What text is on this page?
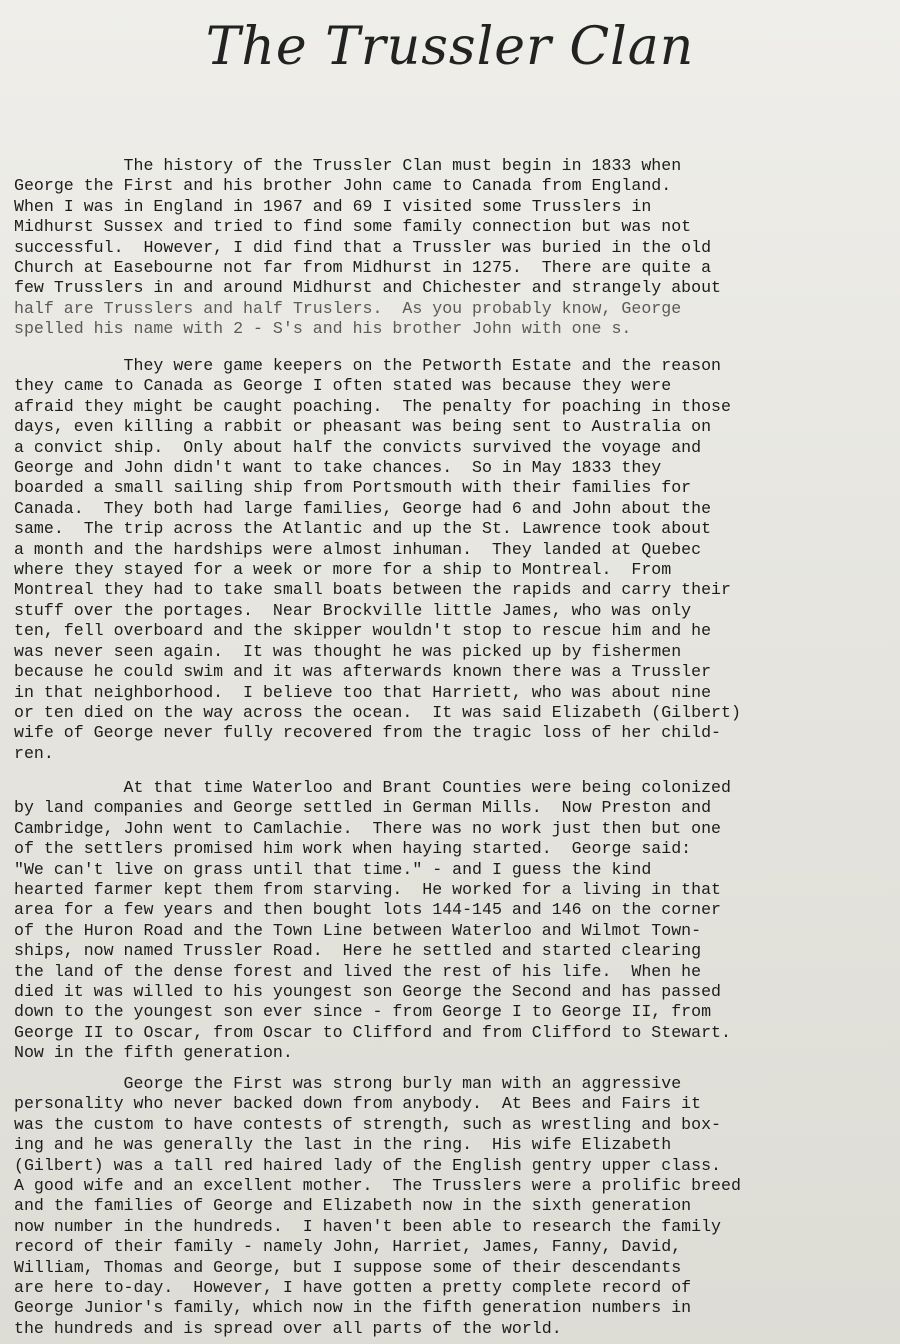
The Trussler Clan
The history of the Trussler Clan must begin in 1833 when
George the First and his brother John came to Canada from England.
When I was in England in 1967 and 69 I visited some Trusslers in
Midhurst Sussex and tried to find some family connection but was not
successful.  However, I did find that a Trussler was buried in the old
Church at Easebourne not far from Midhurst in 1275.  There are quite a
few Trusslers in and around Midhurst and Chichester and strangely about
half are Trusslers and half Truslers.  As you probably know, George
spelled his name with 2 - S's and his brother John with one s.
They were game keepers on the Petworth Estate and the reason
they came to Canada as George I often stated was because they were
afraid they might be caught poaching.  The penalty for poaching in those
days, even killing a rabbit or pheasant was being sent to Australia on
a convict ship.  Only about half the convicts survived the voyage and
George and John didn't want to take chances.  So in May 1833 they
boarded a small sailing ship from Portsmouth with their families for
Canada.  They both had large families, George had 6 and John about the
same.  The trip across the Atlantic and up the St. Lawrence took about
a month and the hardships were almost inhuman.  They landed at Quebec
where they stayed for a week or more for a ship to Montreal.  From
Montreal they had to take small boats between the rapids and carry their
stuff over the portages.  Near Brockville little James, who was only
ten, fell overboard and the skipper wouldn't stop to rescue him and he
was never seen again.  It was thought he was picked up by fishermen
because he could swim and it was afterwards known there was a Trussler
in that neighborhood.  I believe too that Harriett, who was about nine
or ten died on the way across the ocean.  It was said Elizabeth (Gilbert)
wife of George never fully recovered from the tragic loss of her child-
ren.
At that time Waterloo and Brant Counties were being colonized
by land companies and George settled in German Mills.  Now Preston and
Cambridge, John went to Camlachie.  There was no work just then but one
of the settlers promised him work when haying started.  George said:
"We can't live on grass until that time." - and I guess the kind
hearted farmer kept them from starving.  He worked for a living in that
area for a few years and then bought lots 144-145 and 146 on the corner
of the Huron Road and the Town Line between Waterloo and Wilmot Town-
ships, now named Trussler Road.  Here he settled and started clearing
the land of the dense forest and lived the rest of his life.  When he
died it was willed to his youngest son George the Second and has passed
down to the youngest son ever since - from George I to George II, from
George II to Oscar, from Oscar to Clifford and from Clifford to Stewart.
Now in the fifth generation.
George the First was strong burly man with an aggressive
personality who never backed down from anybody.  At Bees and Fairs it
was the custom to have contests of strength, such as wrestling and box-
ing and he was generally the last in the ring.  His wife Elizabeth
(Gilbert) was a tall red haired lady of the English gentry upper class.
A good wife and an excellent mother.  The Trusslers were a prolific breed
and the families of George and Elizabeth now in the sixth generation
now number in the hundreds.  I haven't been able to research the family
record of their family - namely John, Harriet, James, Fanny, David,
William, Thomas and George, but I suppose some of their descendants
are here to-day.  However, I have gotten a pretty complete record of
George Junior's family, which now in the fifth generation numbers in
the hundreds and is spread over all parts of the world.
